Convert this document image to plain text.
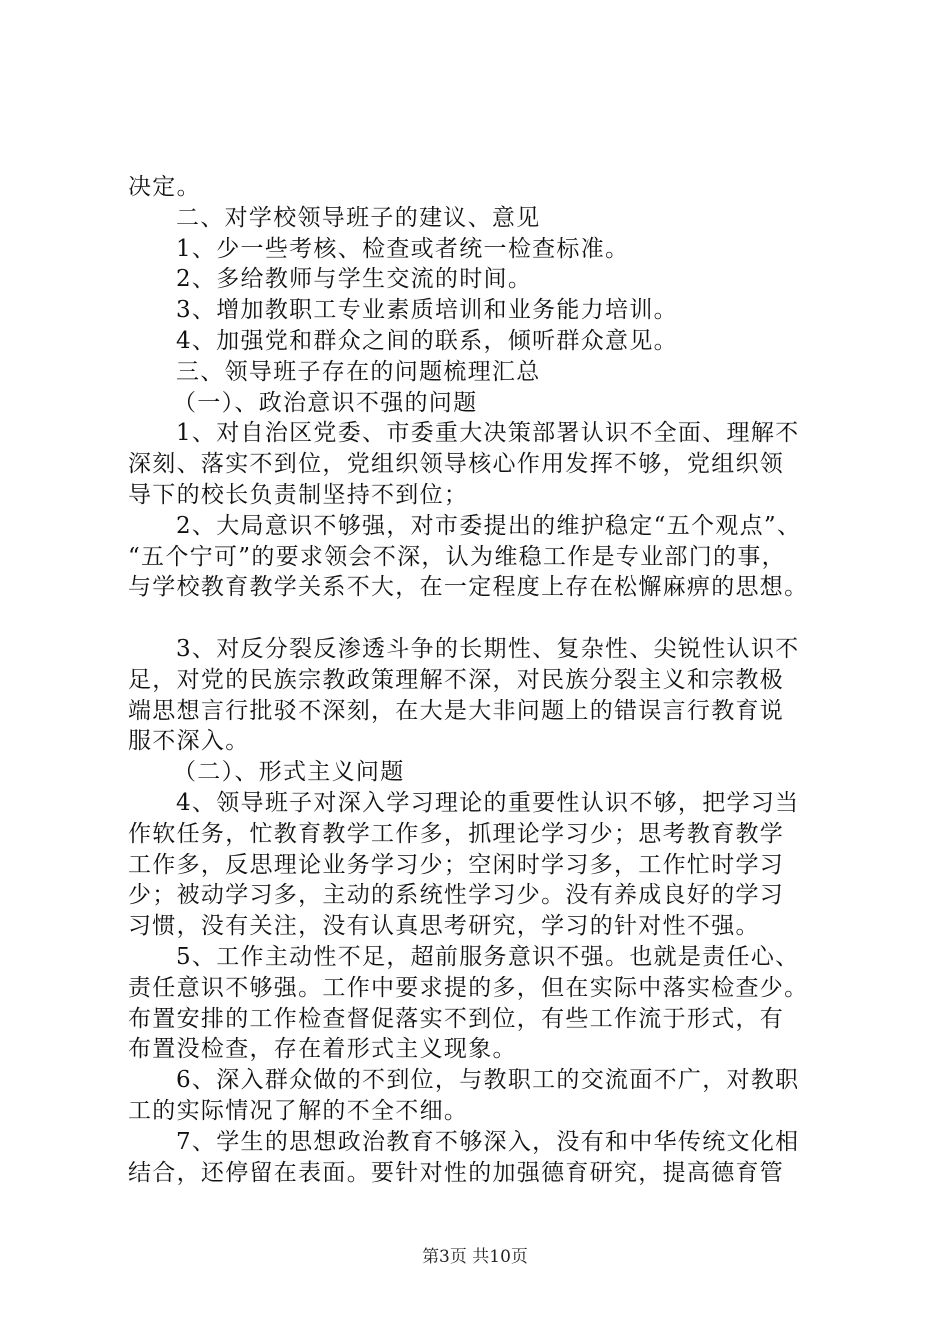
决定。
二、对学校领导班子的建议、意见
1、少一些考核、检查或者统一检查标准。
2、多给教师与学生交流的时间。
3、增加教职工专业素质培训和业务能力培训。
4、加强党和群众之间的联系，倾听群众意见。
三、领导班子存在的问题梳理汇总
（一）、政治意识不强的问题
1、对自治区党委、市委重大决策部署认识不全面、理解不
深刻、落实不到位，党组织领导核心作用发挥不够，党组织领
导下的校长负责制坚持不到位；
2、大局意识不够强，对市委提出的维护稳定“五个观点”、
“五个宁可”的要求领会不深，认为维稳工作是专业部门的事，
与学校教育教学关系不大，在一定程度上存在松懈麻痹的思想。
3、对反分裂反渗透斗争的长期性、复杂性、尖锐性认识不
足，对党的民族宗教政策理解不深，对民族分裂主义和宗教极
端思想言行批驳不深刻，在大是大非问题上的错误言行教育说
服不深入。
（二）、形式主义问题
4、领导班子对深入学习理论的重要性认识不够，把学习当
作软任务，忙教育教学工作多，抓理论学习少；思考教育教学
工作多，反思理论业务学习少；空闲时学习多，工作忙时学习
少；被动学习多，主动的系统性学习少。没有养成良好的学习
习惯，没有关注，没有认真思考研究，学习的针对性不强。
5、工作主动性不足，超前服务意识不强。也就是责任心、
责任意识不够强。工作中要求提的多，但在实际中落实检查少。
布置安排的工作检查督促落实不到位，有些工作流于形式，有
布置没检查，存在着形式主义现象。
6、深入群众做的不到位，与教职工的交流面不广，对教职
工的实际情况了解的不全不细。
7、学生的思想政治教育不够深入，没有和中华传统文化相
结合，还停留在表面。要针对性的加强德育研究，提高德育管
第3页 共10页
